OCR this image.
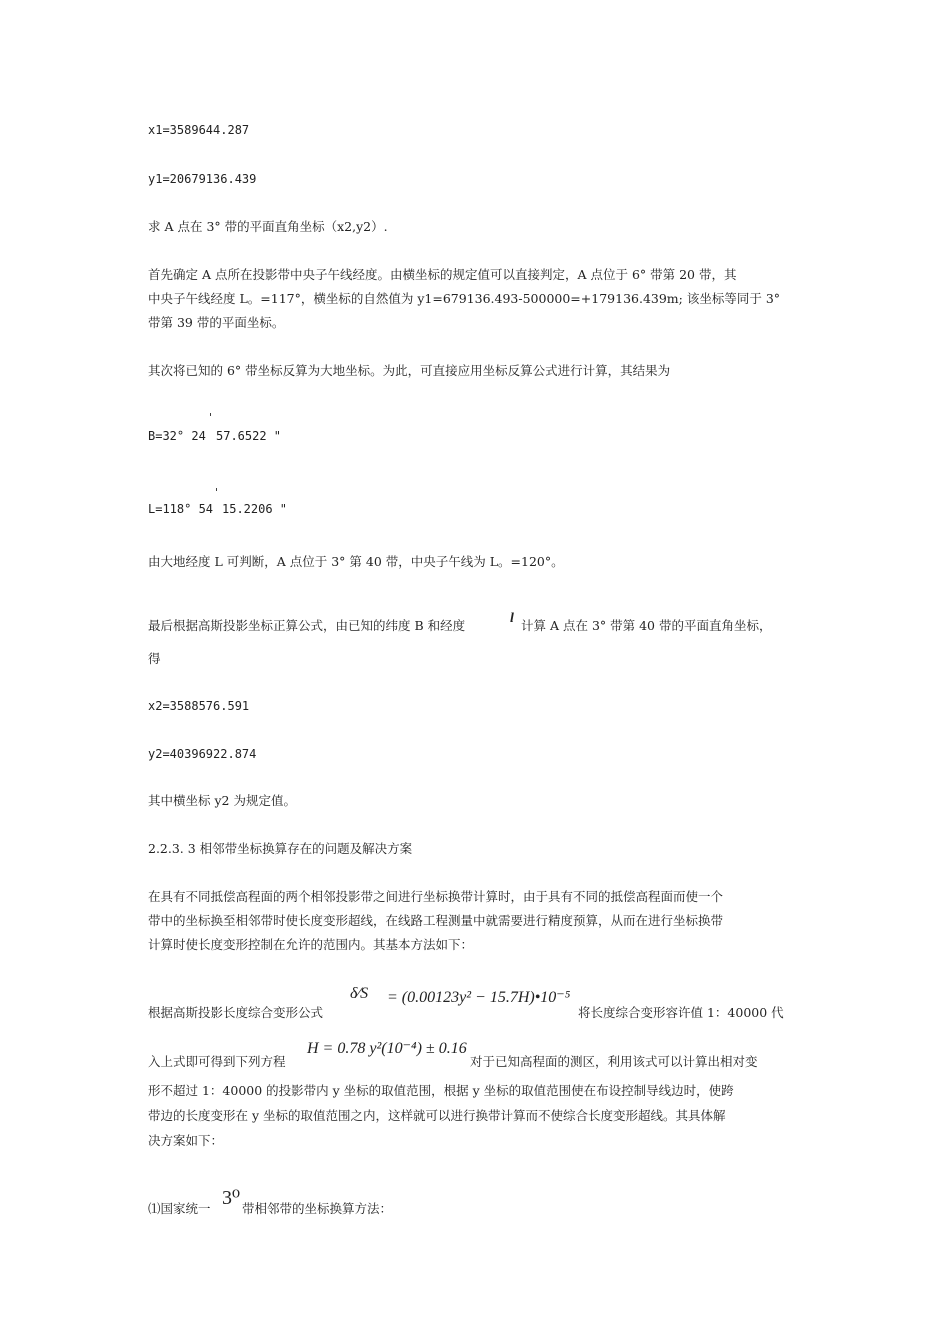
x1=3589644.287
y1=20679136.439
求 A 点在 3° 带的平面直角坐标（x2,y2）.
首先确定 A 点所在投影带中央子午线经度。由横坐标的规定值可以直接判定，A 点位于 6° 带第 20 带，其
中央子午线经度 L。=117°，横坐标的自然值为 y1=679136.493-500000=+179136.439m; 该坐标等同于 3°
带第 39 带的平面坐标。
其次将已知的 6° 带坐标反算为大地坐标。为此，可直接应用坐标反算公式进行计算，其结果为
'
B=32° 24 57.6522 "
'
L=118° 54 15.2206 "
由大地经度 L 可判断，A 点位于 3° 第 40 带，中央子午线为 L。=120°。
最后根据高斯投影坐标正算公式，由已知的纬度 B 和经度	l 计算 A 点在 3° 带第 40 带的平面直角坐标，
得
x2=3588576.591
y2=40396922.874
其中横坐标 y2 为规定值。
2.2.3. 3 相邻带坐标换算存在的问题及解决方案
在具有不同抵偿高程面的两个相邻投影带之间进行坐标换带计算时，由于具有不同的抵偿高程面而使一个
带中的坐标换至相邻带时使长度变形超线，在线路工程测量中就需要进行精度预算，从而在进行坐标换带
计算时使长度变形控制在允许的范围内。其基本方法如下：
根据高斯投影长度综合变形公式
δ⁄S = (0.00123y² − 15.7H)•10⁻⁵
将长度综合变形容许值 1：40000 代
入上式即可得到下列方程
H = 0.78 y²(10⁻⁴) ± 0.16
对于已知高程面的测区，利用该式可以计算出相对变
形不超过 1：40000 的投影带内 y 坐标的取值范围，根据 y 坐标的取值范围使在布设控制导线边时，使跨
带边的长度变形在 y 坐标的取值范围之内，这样就可以进行换带计算而不使综合长度变形超线。其具体解
决方案如下：
⑴国家统一 3⁰ 带相邻带的坐标换算方法：
